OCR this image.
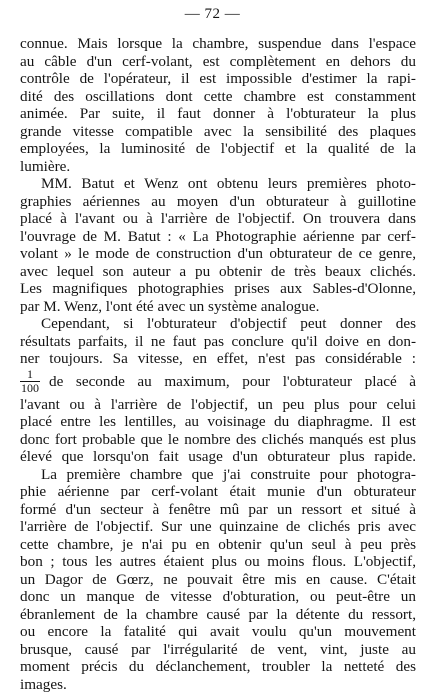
— 72 —
connue. Mais lorsque la chambre, suspendue dans l'espace
au câble d'un cerf-volant, est complètement en dehors du
contrôle de l'opérateur, il est impossible d'estimer la rapi-
dité des oscillations dont cette chambre est constamment
animée. Par suite, il faut donner à l'obturateur la plus
grande vitesse compatible avec la sensibilité des plaques
employées, la luminosité de l'objectif et la qualité de la
lumière.
MM. Batut et Wenz ont obtenu leurs premières photo-
graphies aériennes au moyen d'un obturateur à guillotine
placé à l'avant ou à l'arrière de l'objectif. On trouvera dans
l'ouvrage de M. Batut : « La Photographie aérienne par cerf-
volant » le mode de construction d'un obturateur de ce genre,
avec lequel son auteur a pu obtenir de très beaux clichés.
Les magnifiques photographies prises aux Sables-d'Olonne,
par M. Wenz, l'ont été avec un système analogue.
Cependant, si l'obturateur d'objectif peut donner des
résultats parfaits, il ne faut pas conclure qu'il doive en don-
ner toujours. Sa vitesse, en effet, n'est pas considérable :
$\frac{1}{100}$ de seconde au maximum, pour l'obturateur placé à
l'avant ou à l'arrière de l'objectif, un peu plus pour celui
placé entre les lentilles, au voisinage du diaphragme. Il est
donc fort probable que le nombre des clichés manqués est plus
élevé que lorsqu'on fait usage d'un obturateur plus rapide.
La première chambre que j'ai construite pour photogra-
phie aérienne par cerf-volant était munie d'un obturateur
formé d'un secteur à fenêtre mû par un ressort et situé à
l'arrière de l'objectif. Sur une quinzaine de clichés pris avec
cette chambre, je n'ai pu en obtenir qu'un seul à peu près
bon ; tous les autres étaient plus ou moins flous. L'objectif,
un Dagor de Gœrz, ne pouvait être mis en cause. C'était
donc un manque de vitesse d'obturation, ou peut-être un
ébranlement de la chambre causé par la détente du ressort,
ou encore la fatalité qui avait voulu qu'un mouvement
brusque, causé par l'irrégularité de vent, vint, juste au
moment précis du déclanchement, troubler la netteté des
images.
